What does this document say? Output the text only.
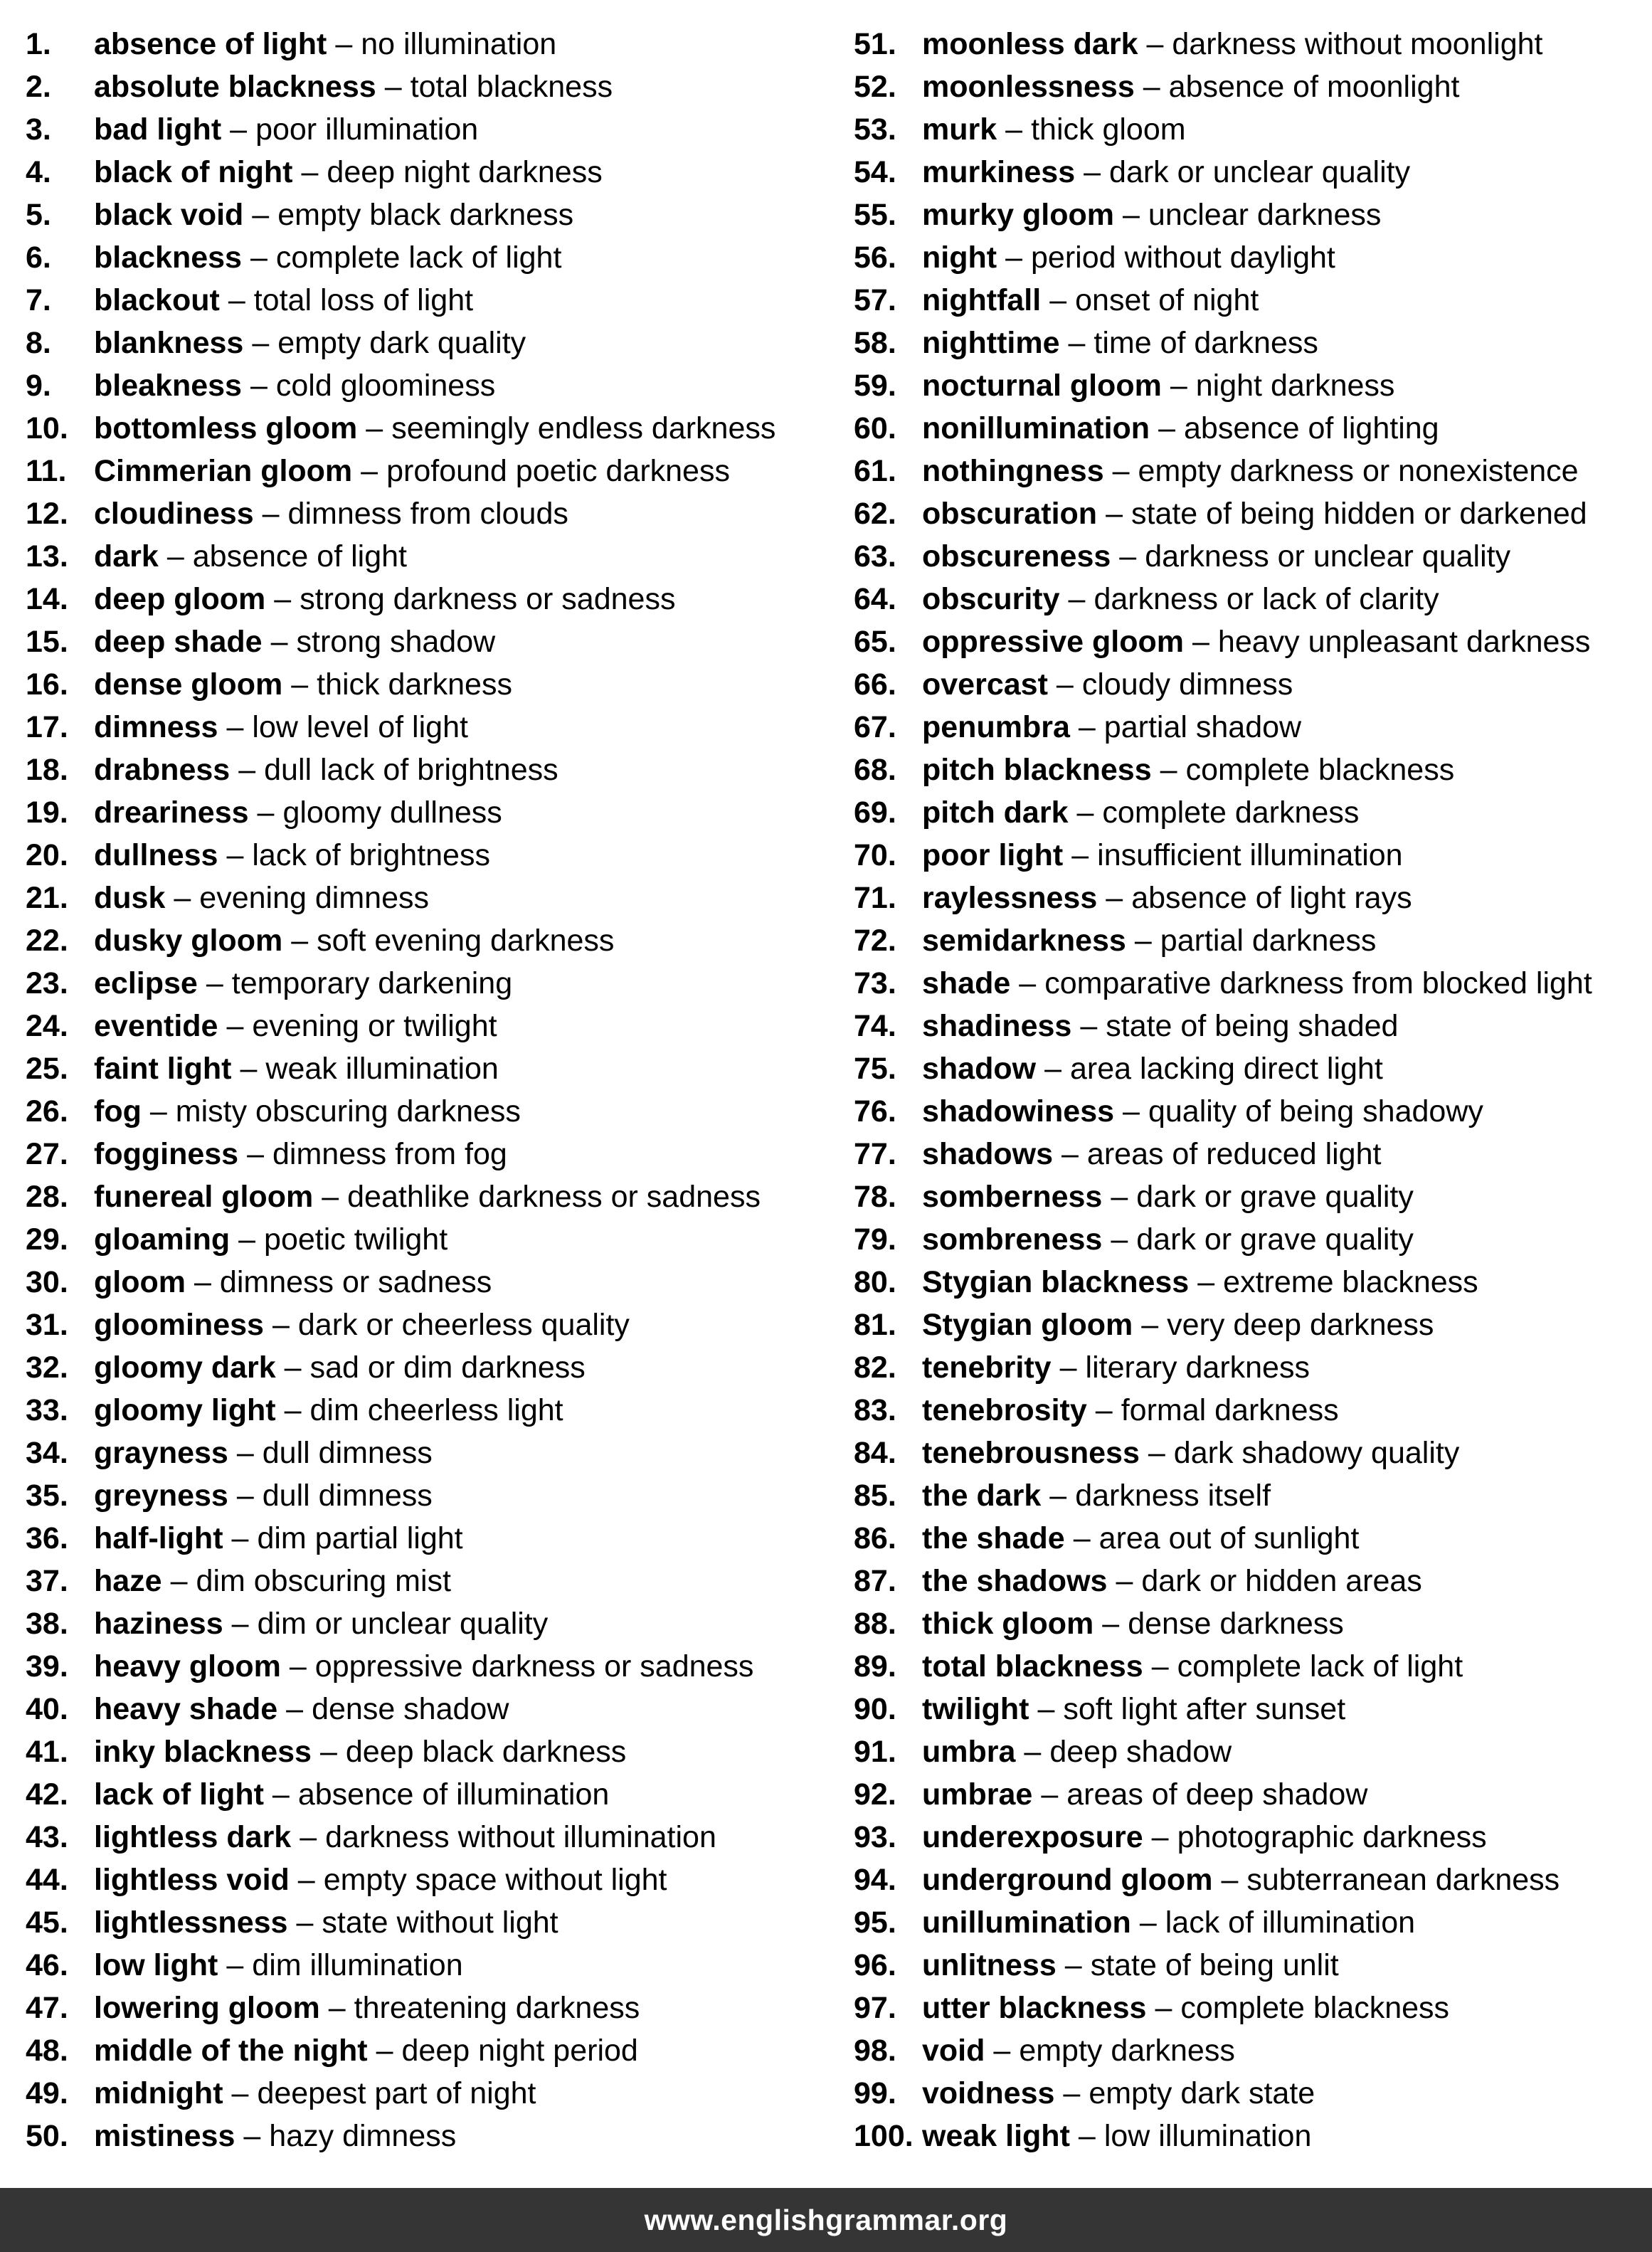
1.	absence of light – no illumination
2.	absolute blackness – total blackness
3.	bad light – poor illumination
4.	black of night – deep night darkness
5.	black void – empty black darkness
6.	blackness – complete lack of light
7.	blackout – total loss of light
8.	blankness – empty dark quality
9.	bleakness – cold gloominess
10. bottomless gloom – seemingly endless darkness
11. Cimmerian gloom – profound poetic darkness
12. cloudiness – dimness from clouds
13. dark – absence of light
14. deep gloom – strong darkness or sadness
15. deep shade – strong shadow
16. dense gloom – thick darkness
17. dimness – low level of light
18. drabness – dull lack of brightness
19. dreariness – gloomy dullness
20. dullness – lack of brightness
21. dusk – evening dimness
22. dusky gloom – soft evening darkness
23. eclipse – temporary darkening
24. eventide – evening or twilight
25. faint light – weak illumination
26. fog – misty obscuring darkness
27. fogginess – dimness from fog
28. funereal gloom – deathlike darkness or sadness
29. gloaming – poetic twilight
30. gloom – dimness or sadness
31. gloominess – dark or cheerless quality
32. gloomy dark – sad or dim darkness
33. gloomy light – dim cheerless light
34. grayness – dull dimness
35. greyness – dull dimness
36. half-light – dim partial light
37. haze – dim obscuring mist
38. haziness – dim or unclear quality
39. heavy gloom – oppressive darkness or sadness
40. heavy shade – dense shadow
41. inky blackness – deep black darkness
42. lack of light – absence of illumination
43. lightless dark – darkness without illumination
44. lightless void – empty space without light
45. lightlessness – state without light
46. low light – dim illumination
47. lowering gloom – threatening darkness
48. middle of the night – deep night period
49. midnight – deepest part of night
50. mistiness – hazy dimness
51. moonless dark – darkness without moonlight
52. moonlessness – absence of moonlight
53. murk – thick gloom
54. murkiness – dark or unclear quality
55. murky gloom – unclear darkness
56. night – period without daylight
57. nightfall – onset of night
58. nighttime – time of darkness
59. nocturnal gloom – night darkness
60. nonillumination – absence of lighting
61. nothingness – empty darkness or nonexistence
62. obscuration – state of being hidden or darkened
63. obscureness – darkness or unclear quality
64. obscurity – darkness or lack of clarity
65. oppressive gloom – heavy unpleasant darkness
66. overcast – cloudy dimness
67. penumbra – partial shadow
68. pitch blackness – complete blackness
69. pitch dark – complete darkness
70. poor light – insufficient illumination
71. raylessness – absence of light rays
72. semidarkness – partial darkness
73. shade – comparative darkness from blocked light
74. shadiness – state of being shaded
75. shadow – area lacking direct light
76. shadowiness – quality of being shadowy
77. shadows – areas of reduced light
78. somberness – dark or grave quality
79. sombreness – dark or grave quality
80. Stygian blackness – extreme blackness
81. Stygian gloom – very deep darkness
82. tenebrity – literary darkness
83. tenebrosity – formal darkness
84. tenebrousness – dark shadowy quality
85. the dark – darkness itself
86. the shade – area out of sunlight
87. the shadows – dark or hidden areas
88. thick gloom – dense darkness
89. total blackness – complete lack of light
90. twilight – soft light after sunset
91. umbra – deep shadow
92. umbrae – areas of deep shadow
93. underexposure – photographic darkness
94. underground gloom – subterranean darkness
95. unillumination – lack of illumination
96. unlitness – state of being unlit
97. utter blackness – complete blackness
98. void – empty darkness
99. voidness – empty dark state
100. weak light – low illumination
www.englishgrammar.org
